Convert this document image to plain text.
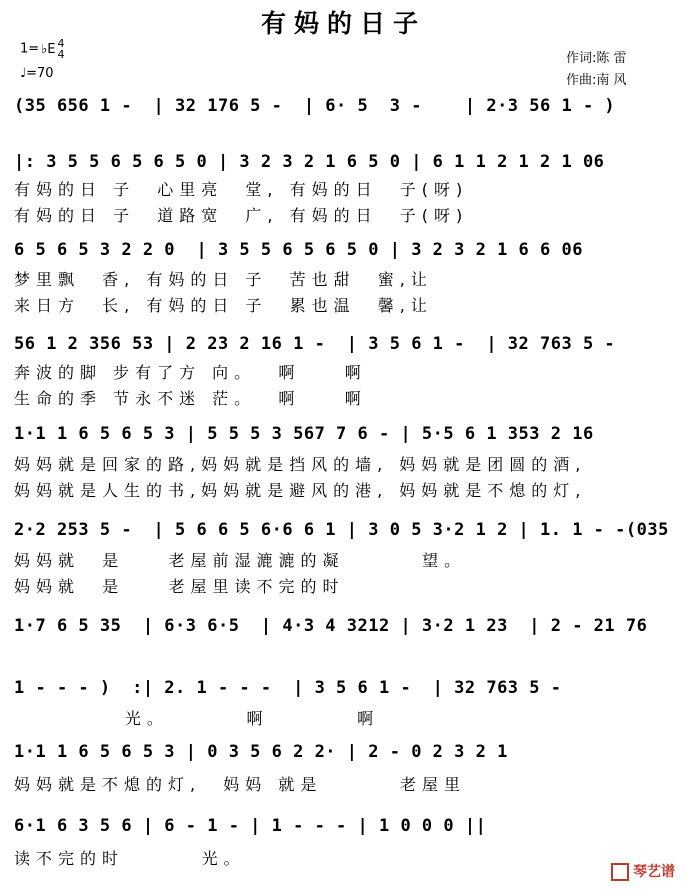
有妈的日子
1= ♭E 4
4
♩=70
作词:陈 雷
作曲:南 风
(35 656 1 -  | 32 176 5 -  | 6· 5  3 -    | 2·3 56 1 - )
|: 3 5 5 6 5 6 5 0 | 3 2 3 2 1 6 5 0 | 6 1 1 2 1 2 1 06
有妈的日 子  心里亮  堂, 有妈的日  子(呀)
有妈的日 子  道路宽  广, 有妈的日  子(呀)
6 5 6 5 3 2 2 0  | 3 5 5 6 5 6 5 0 | 3 2 3 2 1 6 6 06
梦里飘  香, 有妈的日 子  苦也甜  蜜,让
来日方  长, 有妈的日 子  累也温  馨,让
56 1 2 356 53 | 2 23 2 16 1 -  | 3 5 6 1 -  | 32 763 5 -
奔波的脚 步有了方 向。  啊    啊
生命的季 节永不迷 茫。  啊    啊
1·1 1 6 5 6 5 3 | 5 5 5 3 567 7 6 - | 5·5 6 1 353 2 16
妈妈就是回家的路,妈妈就是挡风的墙, 妈妈就是团圆的酒,
妈妈就是人生的书,妈妈就是避风的港, 妈妈就是不熄的灯,
2·2 253 5 -  | 5 6 6 5 6·6 6 1 | 3 0 5 3·2 1 2 | 1. 1 - -(035
妈妈就  是    老屋前湿漉漉的凝       望。
妈妈就  是    老屋里读不完的时
1·7 6 5 35  | 6·3 6·5  | 4·3 4 3212 | 3·2 1 23  | 2 - 21 76
1 - - - )  :| 2. 1 - - -  | 3 5 6 1 -  | 32 763 5 -
光。       啊        啊
1·1 1 6 5 6 5 3 | 0 3 5 6 2 2· | 2 - 0 2 3 2 1
妈妈就是不熄的灯,  妈妈 就是       老屋里
6·1 6 3 5 6 | 6 - 1 - | 1 - - - | 1 0 0 0 ||
读不完的时       光。
琴艺谱
